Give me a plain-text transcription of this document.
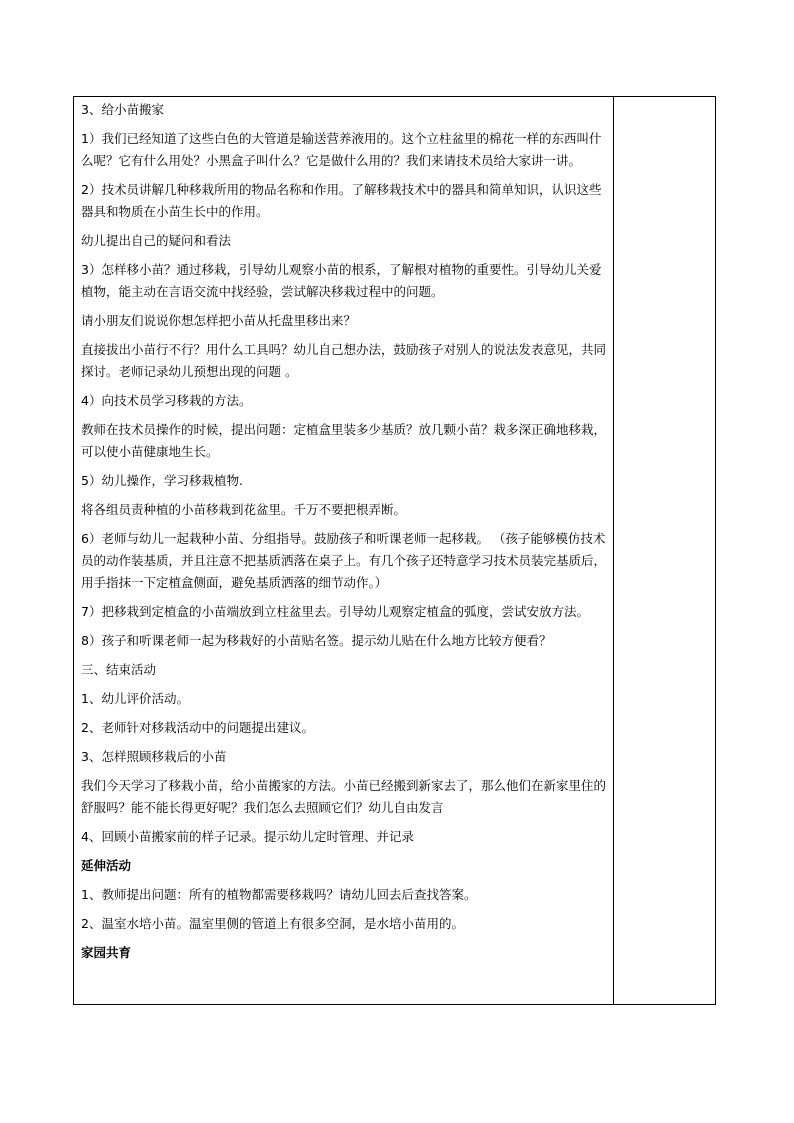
3、给小苗搬家

1）我们已经知道了这些白色的大管道是输送营养液用的。这个立柱盆里的棉花一样的东西叫什么呢？它有什么用处？小黑盒子叫什么？它是做什么用的？我们来请技术员给大家讲一讲。

2）技术员讲解几种移栽所用的物品名称和作用。了解移栽技术中的器具和简单知识，认识这些器具和物质在小苗生长中的作用。

幼儿提出自己的疑问和看法

3）怎样移小苗？通过移栽，引导幼儿观察小苗的根系，了解根对植物的重要性。引导幼儿关爱植物，能主动在言语交流中找经验，尝试解决移栽过程中的问题。

请小朋友们说说你想怎样把小苗从托盘里移出来？

直接拔出小苗行不行？用什么工具吗？幼儿自己想办法，鼓励孩子对别人的说法发表意见，共同探讨。老师记录幼儿预想出现的问题 。

4）向技术员学习移栽的方法。

教师在技术员操作的时候，提出问题：定植盒里装多少基质？放几颗小苗？栽多深正确地移栽，可以使小苗健康地生长。

5）幼儿操作，学习移栽植物.

将各组员责种植的小苗移栽到花盆里。千万不要把根弄断。

6）老师与幼儿一起栽种小苗、分组指导。鼓励孩子和听课老师一起移栽。 （孩子能够模仿技术员的动作装基质，并且注意不把基质洒落在桌子上。有几个孩子还特意学习技术员装完基质后，用手指抹一下定植盒侧面，避免基质洒落的细节动作。）

7）把移栽到定植盒的小苗端放到立柱盆里去。引导幼儿观察定植盒的弧度，尝试安放方法。

8）孩子和听课老师一起为移栽好的小苗贴名签。提示幼儿贴在什么地方比较方便看？

三、结束活动

1、幼儿评价活动。

2、老师针对移栽活动中的问题提出建议。

3、怎样照顾移栽后的小苗

我们今天学习了移栽小苗，给小苗搬家的方法。小苗已经搬到新家去了，那么他们在新家里住的舒服吗？能不能长得更好呢？我们怎么去照顾它们？幼儿自由发言

4、回顾小苗搬家前的样子记录。提示幼儿定时管理、并记录

延伸活动

1、教师提出问题：所有的植物都需要移栽吗？请幼儿回去后查找答案。

2、温室水培小苗。温室里侧的管道上有很多空洞，是水培小苗用的。

家园共育
